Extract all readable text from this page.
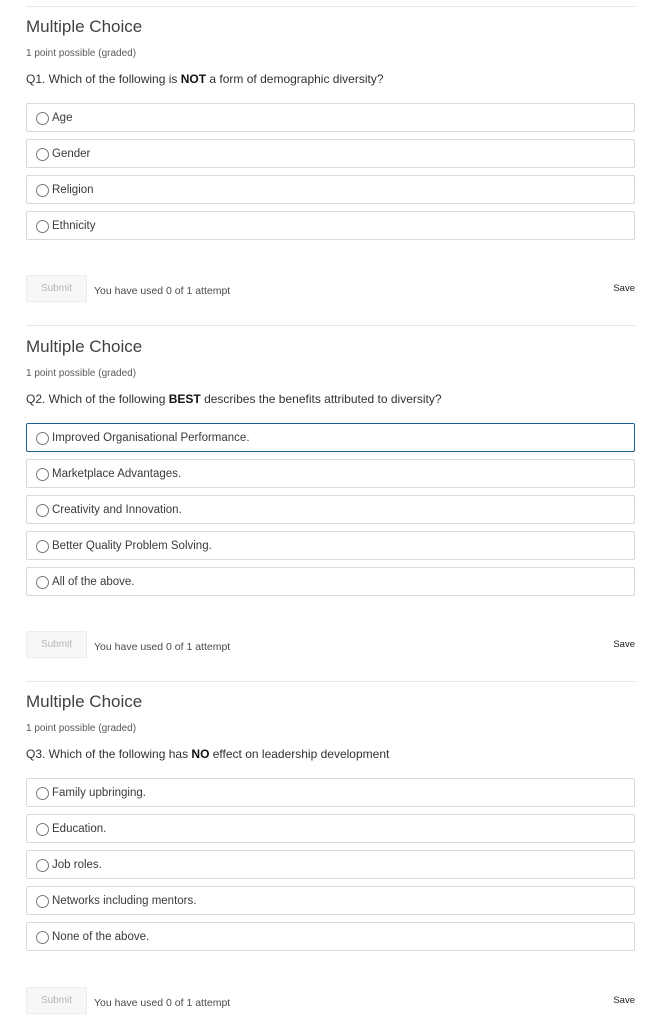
Multiple Choice
1 point possible (graded)
Q1. Which of the following is NOT a form of demographic diversity?
Age
Gender
Religion
Ethnicity
Submit	You have used 0 of 1 attempt	Save
Multiple Choice
1 point possible (graded)
Q2. Which of the following BEST describes the benefits attributed to diversity?
Improved Organisational Performance.
Marketplace Advantages.
Creativity and Innovation.
Better Quality Problem Solving.
All of the above.
Submit	You have used 0 of 1 attempt	Save
Multiple Choice
1 point possible (graded)
Q3. Which of the following has NO effect on leadership development
Family upbringing.
Education.
Job roles.
Networks including mentors.
None of the above.
Submit	You have used 0 of 1 attempt	Save
